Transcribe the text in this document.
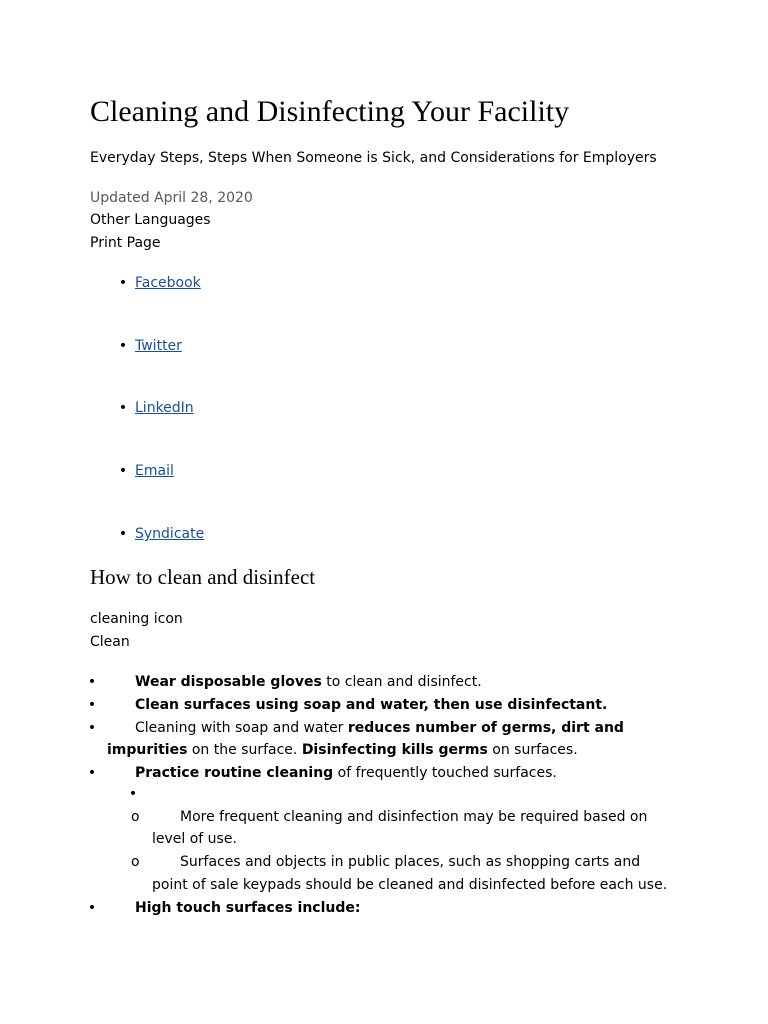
Cleaning and Disinfecting Your Facility
Everyday Steps, Steps When Someone is Sick, and Considerations for Employers
Updated April 28, 2020
Other Languages
Print Page
• Facebook
• Twitter
• LinkedIn
• Email
• Syndicate
How to clean and disinfect
cleaning icon
Clean
•	Wear disposable gloves to clean and disinfect.
•	Clean surfaces using soap and water, then use disinfectant.
•	Cleaning with soap and water reduces number of germs, dirt and
impurities on the surface. Disinfecting kills germs on surfaces.
•	Practice routine cleaning of frequently touched surfaces.
•
o	More frequent cleaning and disinfection may be required based on
level of use.
o	Surfaces and objects in public places, such as shopping carts and
point of sale keypads should be cleaned and disinfected before each use.
•	High touch surfaces include:
